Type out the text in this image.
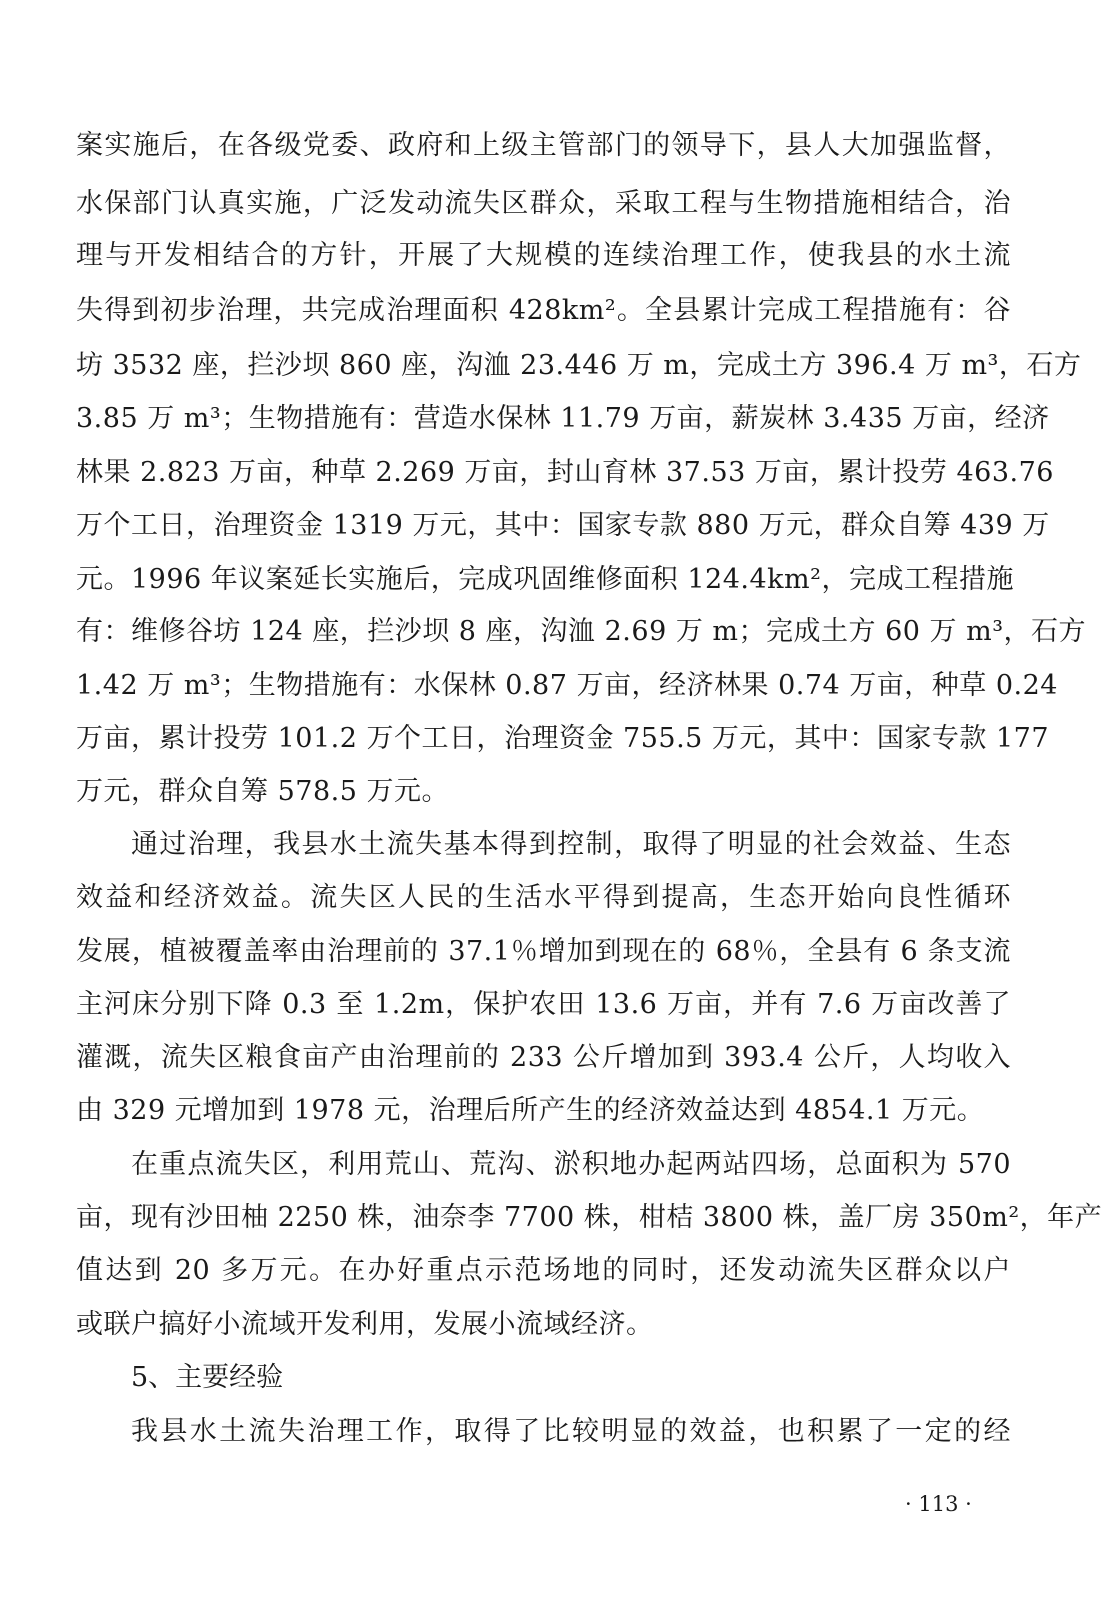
案实施后，在各级党委、政府和上级主管部门的领导下，县人大加强监督，
水保部门认真实施，广泛发动流失区群众，采取工程与生物措施相结合，治
理与开发相结合的方针，开展了大规模的连续治理工作，使我县的水土流
失得到初步治理，共完成治理面积 428km²。全县累计完成工程措施有：谷
坊 3532 座，拦沙坝 860 座，沟洫 23.446 万 m，完成土方 396.4 万 m³，石方
3.85 万 m³；生物措施有：营造水保林 11.79 万亩，薪炭林 3.435 万亩，经济
林果 2.823 万亩，种草 2.269 万亩，封山育林 37.53 万亩，累计投劳 463.76
万个工日，治理资金 1319 万元，其中：国家专款 880 万元，群众自筹 439 万
元。1996 年议案延长实施后，完成巩固维修面积 124.4km²，完成工程措施
有：维修谷坊 124 座，拦沙坝 8 座，沟洫 2.69 万 m；完成土方 60 万 m³，石方
1.42 万 m³；生物措施有：水保林 0.87 万亩，经济林果 0.74 万亩，种草 0.24
万亩，累计投劳 101.2 万个工日，治理资金 755.5 万元，其中：国家专款 177
万元，群众自筹 578.5 万元。
通过治理，我县水土流失基本得到控制，取得了明显的社会效益、生态
效益和经济效益。流失区人民的生活水平得到提高，生态开始向良性循环
发展，植被覆盖率由治理前的 37.1％增加到现在的 68％，全县有 6 条支流
主河床分别下降 0.3 至 1.2m，保护农田 13.6 万亩，并有 7.6 万亩改善了
灌溉，流失区粮食亩产由治理前的 233 公斤增加到 393.4 公斤，人均收入
由 329 元增加到 1978 元，治理后所产生的经济效益达到 4854.1 万元。
在重点流失区，利用荒山、荒沟、淤积地办起两站四场，总面积为 570
亩，现有沙田柚 2250 株，油奈李 7700 株，柑桔 3800 株，盖厂房 350m²，年产
值达到 20 多万元。在办好重点示范场地的同时，还发动流失区群众以户
或联户搞好小流域开发利用，发展小流域经济。
5、主要经验
我县水土流失治理工作，取得了比较明显的效益，也积累了一定的经
· 113 ·
